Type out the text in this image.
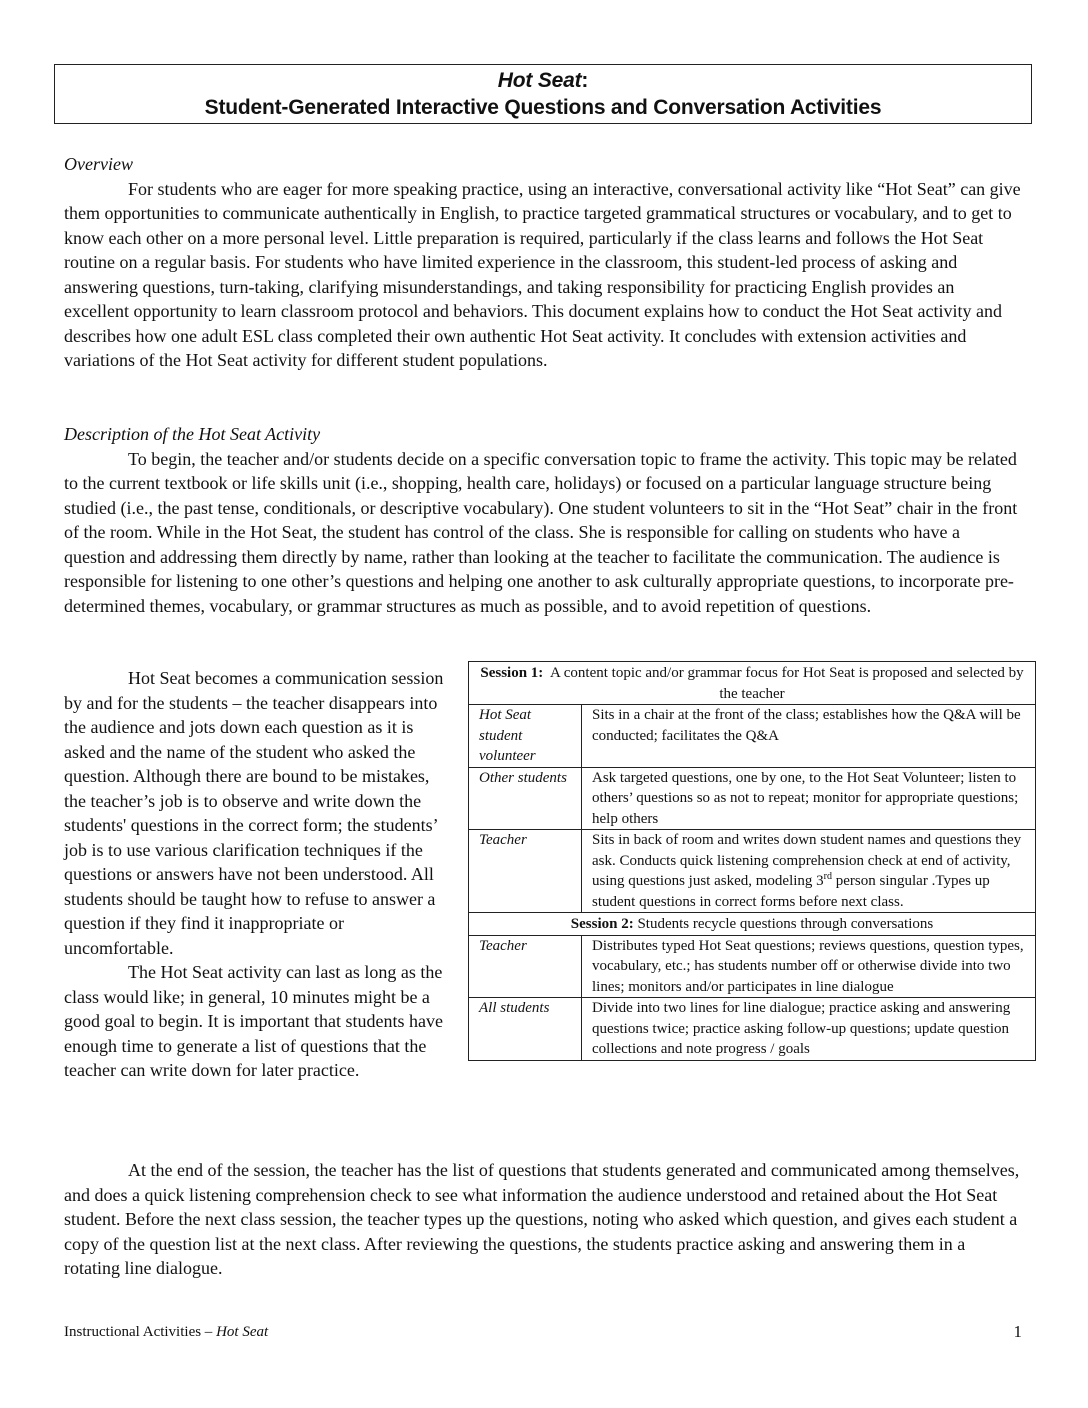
Hot Seat:
Student-Generated Interactive Questions and Conversation Activities

Overview

For students who are eager for more speaking practice, using an interactive, conversational activity like “Hot Seat” can give them opportunities to communicate authentically in English, to practice targeted grammatical structures or vocabulary, and to get to know each other on a more personal level. Little preparation is required, particularly if the class learns and follows the Hot Seat routine on a regular basis. For students who have limited experience in the classroom, this student-led process of asking and answering questions, turn-taking, clarifying misunderstandings, and taking responsibility for practicing English provides an excellent opportunity to learn classroom protocol and behaviors. This document explains how to conduct the Hot Seat activity and describes how one adult ESL class completed their own authentic Hot Seat activity. It concludes with extension activities and variations of the Hot Seat activity for different student populations.

Description of the Hot Seat Activity

To begin, the teacher and/or students decide on a specific conversation topic to frame the activity. This topic may be related to the current textbook or life skills unit (i.e., shopping, health care, holidays) or focused on a particular language structure being studied (i.e., the past tense, conditionals, or descriptive vocabulary). One student volunteers to sit in the “Hot Seat” chair in the front of the room. While in the Hot Seat, the student has control of the class. She is responsible for calling on students who have a question and addressing them directly by name, rather than looking at the teacher to facilitate the communication. The audience is responsible for listening to one other’s questions and helping one another to ask culturally appropriate questions, to incorporate pre-determined themes, vocabulary, or grammar structures as much as possible, and to avoid repetition of questions.

Hot Seat becomes a communication session by and for the students – the teacher disappears into the audience and jots down each question as it is asked and the name of the student who asked the question. Although there are bound to be mistakes, the teacher’s job is to observe and write down the students' questions in the correct form; the students’ job is to use various clarification techniques if the questions or answers have not been understood. All students should be taught how to refuse to answer a question if they find it inappropriate or uncomfortable.

The Hot Seat activity can last as long as the class would like; in general, 10 minutes might be a good goal to begin. It is important that students have enough time to generate a list of questions that the teacher can write down for later practice.

Session 1: A content topic and/or grammar focus for Hot Seat is proposed and selected by the teacher	
Hot Seat student volunteer	Sits in a chair at the front of the class; establishes how the Q&A will be conducted; facilitates the Q&A
Other students	Ask targeted questions, one by one, to the Hot Seat Volunteer; listen to others’ questions so as not to repeat; monitor for appropriate questions; help others
Teacher	Sits in back of room and writes down student names and questions they ask. Conducts quick listening comprehension check at end of activity, using questions just asked, modeling 3rd person singular .Types up student questions in correct forms before next class.
Session 2: Students recycle questions through conversations	
Teacher	Distributes typed Hot Seat questions; reviews questions, question types, vocabulary, etc.; has students number off or otherwise divide into two lines; monitors and/or participates in line dialogue
All students	Divide into two lines for line dialogue; practice asking and answering questions twice; practice asking follow-up questions; update question collections and note progress / goals

At the end of the session, the teacher has the list of questions that students generated and communicated among themselves, and does a quick listening comprehension check to see what information the audience understood and retained about the Hot Seat student. Before the next class session, the teacher types up the questions, noting who asked which question, and gives each student a copy of the question list at the next class. After reviewing the questions, the students practice asking and answering them in a rotating line dialogue.

Instructional Activities – Hot Seat	1
